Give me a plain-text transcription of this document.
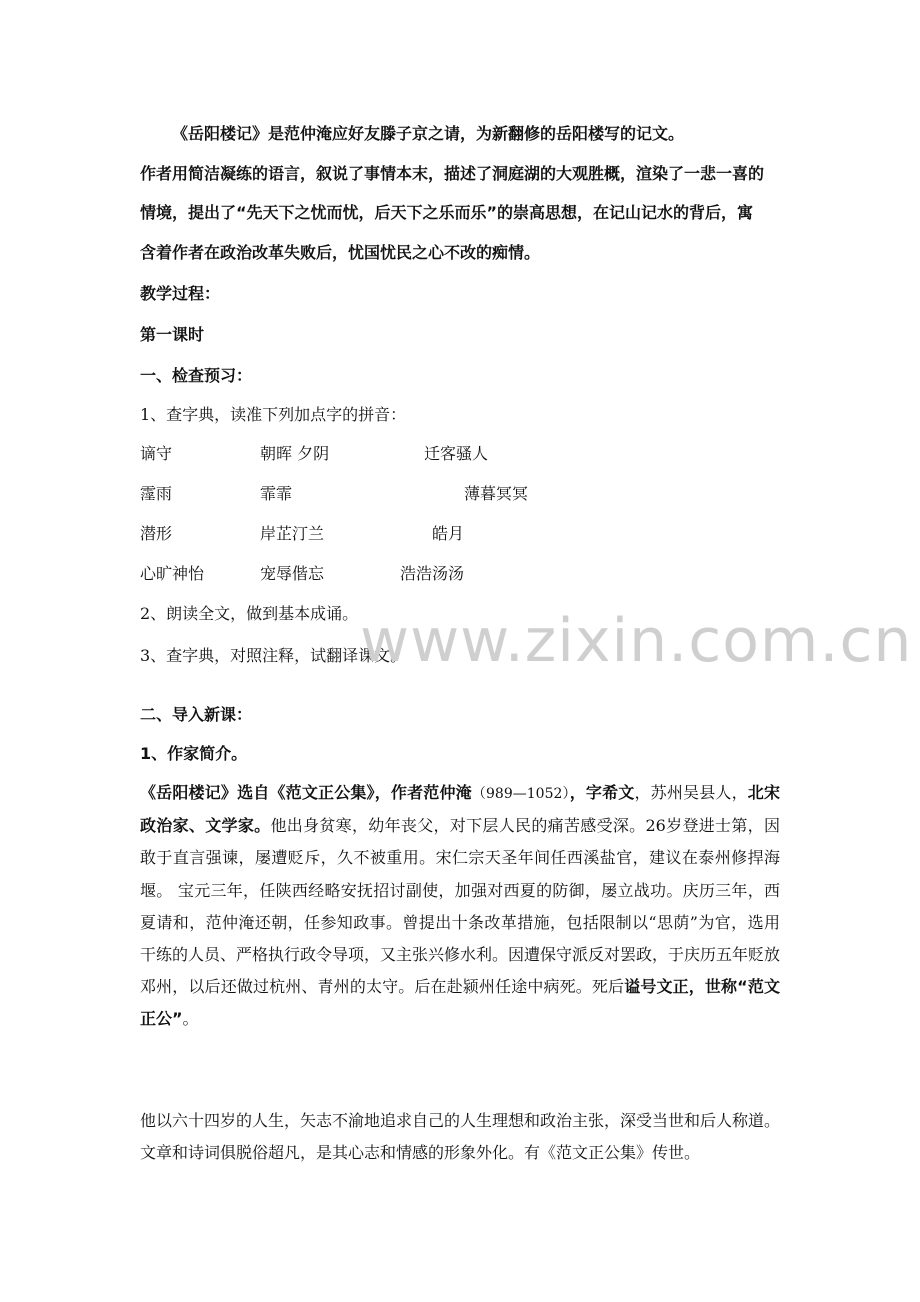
《岳阳楼记》是范仲淹应好友滕子京之请，为新翻修的岳阳楼写的记文。
作者用简洁凝练的语言，叙说了事情本末，描述了洞庭湖的大观胜概，渲染了一悲一喜的
情境，提出了“先天下之忧而忧，后天下之乐而乐”的崇高思想，在记山记水的背后，寓
含着作者在政治改革失败后，忧国忧民之心不改的痴情。
教学过程：
第一课时
一、检查预习：
1、查字典，读准下列加点字的拼音：
谪守	朝晖 夕阴	迁客骚人
霪雨	霏霏	薄暮冥冥
潜形	岸芷汀兰	皓月
心旷神怡	宠辱偕忘	浩浩汤汤
2、朗读全文，做到基本成诵。
3、查字典，对照注释，试翻译课文。
二、导入新课：
1、作家简介。
《岳阳楼记》选自《范文正公集》，作者范仲淹（989—1052），字希文，苏州吴县人，北宋政治家、文学家。他出身贫寒，幼年丧父，对下层人民的痛苦感受深。26岁登进士第，因敢于直言强谏，屡遭贬斥，久不被重用。宋仁宗天圣年间任西溪盐官，建议在泰州修捍海堰。 宝元三年，任陕西经略安抚招讨副使，加强对西夏的防御，屡立战功。庆历三年，西夏请和，范仲淹还朝，任参知政事。曾提出十条改革措施，包括限制以“思荫”为官，选用干练的人员、严格执行政令导项，又主张兴修水利。因遭保守派反对罢政，于庆历五年贬放邓州，以后还做过杭州、青州的太守。后在赴颍州任途中病死。死后谥号文正，世称“范文正公”。
他以六十四岁的人生，矢志不渝地追求自己的人生理想和政治主张，深受当世和后人称道。文章和诗词俱脱俗超凡，是其心志和情感的形象外化。有《范文正公集》传世。
www.zixin.com.cn
